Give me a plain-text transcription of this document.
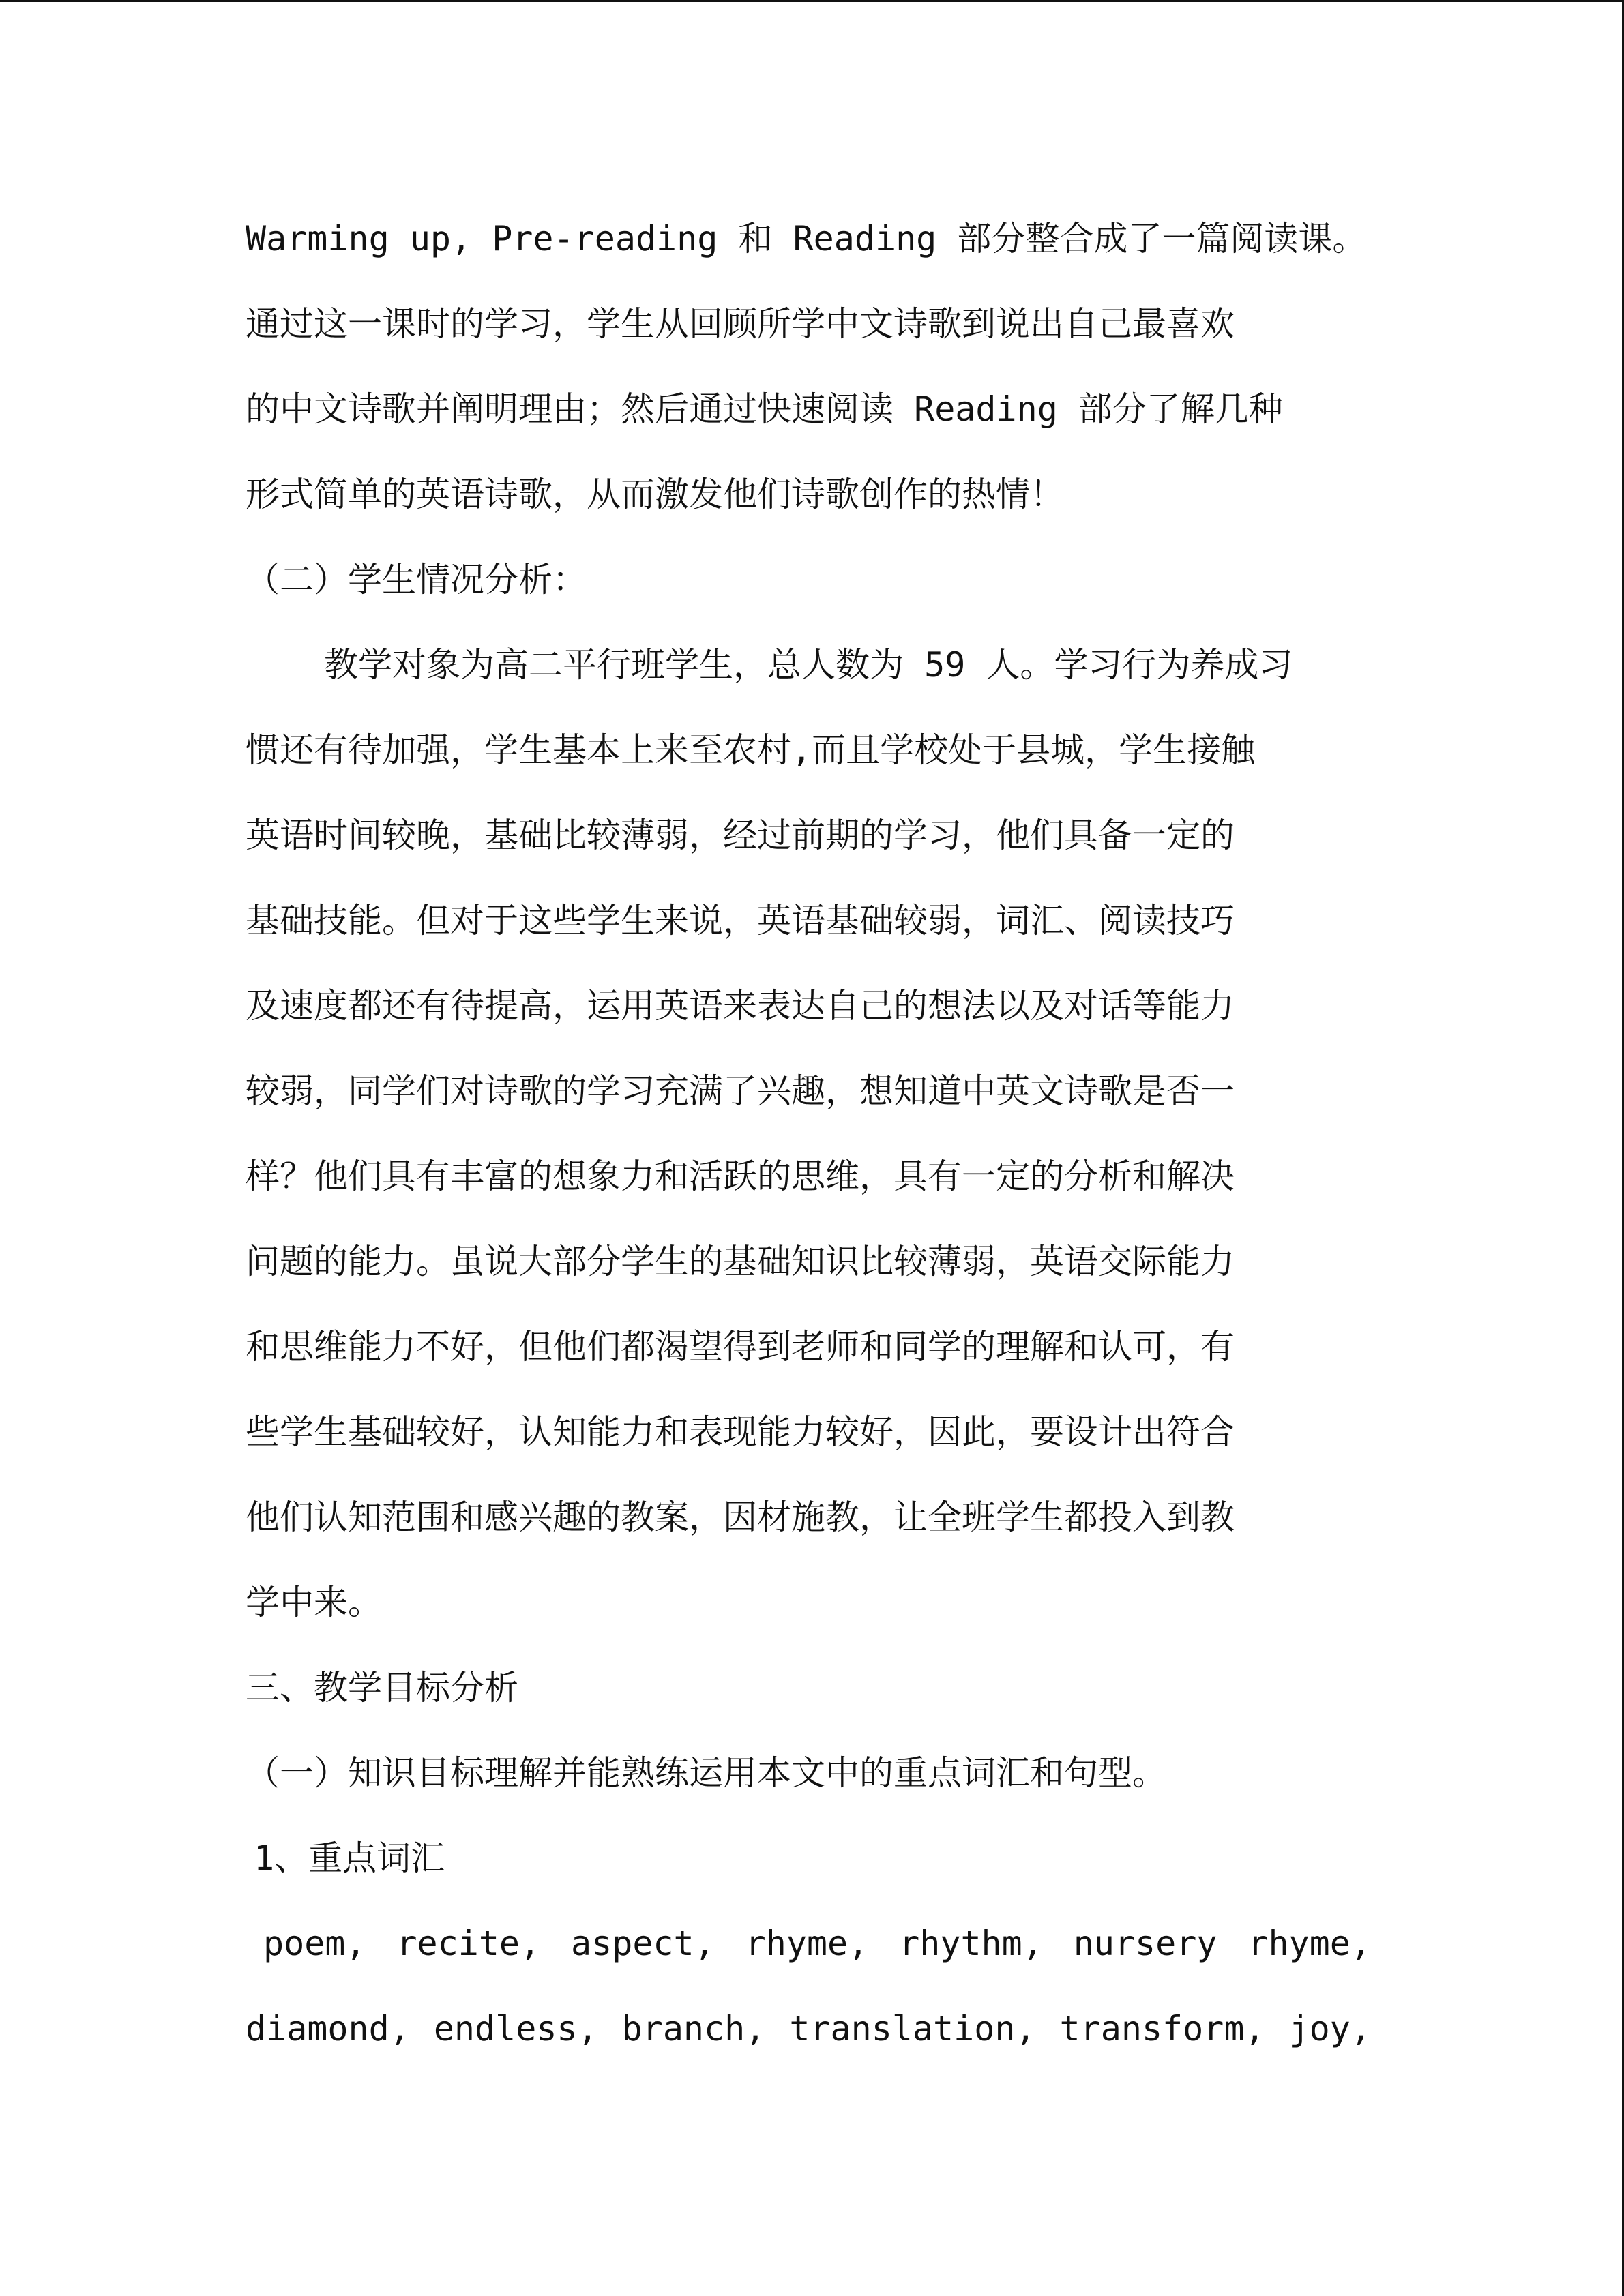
Warming up, Pre-reading 和 Reading 部分整合成了一篇阅读课。
通过这一课时的学习，学生从回顾所学中文诗歌到说出自己最喜欢
的中文诗歌并阐明理由；然后通过快速阅读 Reading 部分了解几种
形式简单的英语诗歌，从而激发他们诗歌创作的热情！
（二）学生情况分析：
教学对象为高二平行班学生，总人数为 59 人。学习行为养成习
惯还有待加强，学生基本上来至农村,而且学校处于县城，学生接触
英语时间较晚，基础比较薄弱，经过前期的学习，他们具备一定的
基础技能。但对于这些学生来说，英语基础较弱，词汇、阅读技巧
及速度都还有待提高，运用英语来表达自己的想法以及对话等能力
较弱，同学们对诗歌的学习充满了兴趣，想知道中英文诗歌是否一
样？他们具有丰富的想象力和活跃的思维，具有一定的分析和解决
问题的能力。虽说大部分学生的基础知识比较薄弱，英语交际能力
和思维能力不好，但他们都渴望得到老师和同学的理解和认可，有
些学生基础较好，认知能力和表现能力较好，因此，要设计出符合
他们认知范围和感兴趣的教案，因材施教，让全班学生都投入到教
学中来。
三、教学目标分析
（一）知识目标理解并能熟练运用本文中的重点词汇和句型。
1、重点词汇
poem, recite, aspect, rhyme, rhythm, nursery rhyme,
diamond, endless, branch, translation, transform, joy,
